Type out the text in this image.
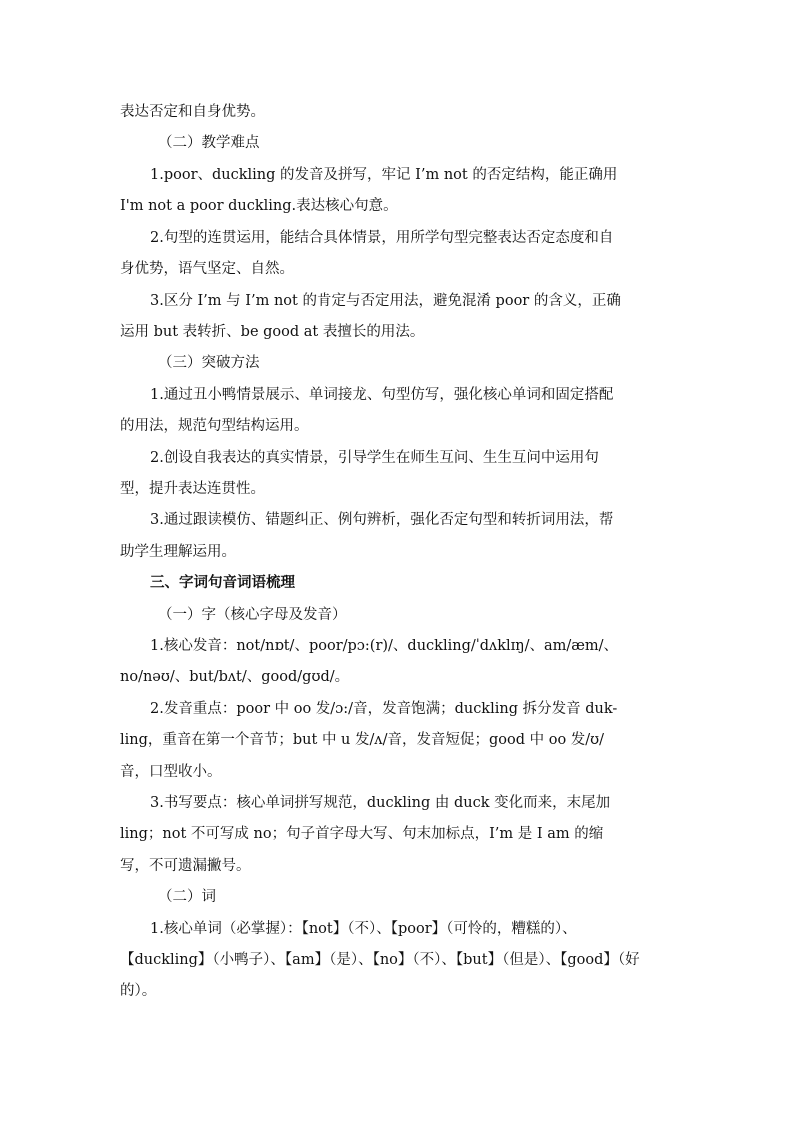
表达否定和自身优势。
（二）教学难点
1.poor、duckling 的发音及拼写，牢记 I’m not 的否定结构，能正确用
I'm not a poor duckling.表达核心句意。
2.句型的连贯运用，能结合具体情景，用所学句型完整表达否定态度和自
身优势，语气坚定、自然。
3.区分 I’m 与 I’m not 的肯定与否定用法，避免混淆 poor 的含义，正确
运用 but 表转折、be good at 表擅长的用法。
（三）突破方法
1.通过丑小鸭情景展示、单词接龙、句型仿写，强化核心单词和固定搭配
的用法，规范句型结构运用。
2.创设自我表达的真实情景，引导学生在师生互问、生生互问中运用句
型，提升表达连贯性。
3.通过跟读模仿、错题纠正、例句辨析，强化否定句型和转折词用法，帮
助学生理解运用。
三、字词句音词语梳理
（一）字（核心字母及发音）
1.核心发音：not/nɒt/、poor/pɔ:(r)/、duckling/ˈdʌklɪŋ/、am/æm/、
no/nəʊ/、but/bʌt/、good/gʊd/。
2.发音重点：poor 中 oo 发/ɔ:/音，发音饱满；duckling 拆分发音 duk-
ling，重音在第一个音节；but 中 u 发/ʌ/音，发音短促；good 中 oo 发/ʊ/
音，口型收小。
3.书写要点：核心单词拼写规范，duckling 由 duck 变化而来，末尾加
ling；not 不可写成 no；句子首字母大写、句末加标点，I’m 是 I am 的缩
写，不可遗漏撇号。
（二）词
1.核心单词（必掌握）：【not】（不）、【poor】（可怜的，糟糕的）、
【duckling】（小鸭子）、【am】（是）、【no】（不）、【but】（但是）、【good】（好
的）。
